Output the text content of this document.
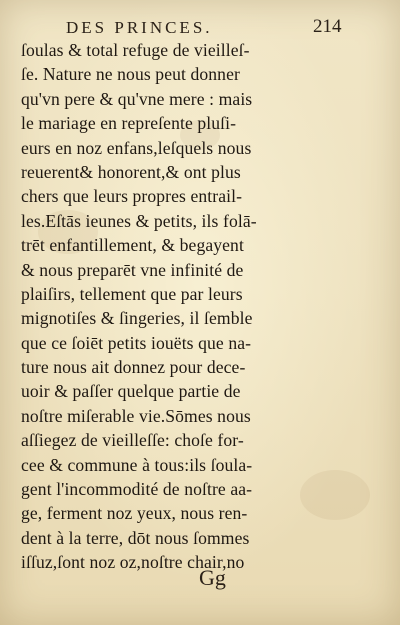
DES PRINCES.	214
ſoulas & total refuge de vieilleſ-
ſe. Nature ne nous peut donner
qu'vn pere & qu'vne mere : mais
le mariage en repreſente pluſi-
eurs en noz enfans,leſquels nous
reuerent& honorent,& ont plus
chers que leurs propres entrail-
les.Eſtās ieunes & petits, ils folā-
trēt enfantillement, & begayent
& nous preparēt vne infinité de
plaiſirs, tellement que par leurs
mignotiſes & ſingeries, il ſemble
que ce ſoiēt petits iouëts que na-
ture nous ait donnez pour dece-
uoir & paſſer quelque partie de
noſtre miſerable vie.Sōmes nous
aſſiegez de vieilleſſe: choſe for-
cee & commune à tous:ils ſoula-
gent l'incommodité de noſtre aa-
ge, ferment noz yeux, nous ren-
dent à la terre, dōt nous ſommes
iſſuz,ſont noz oz,noſtre chair,no
Gg
